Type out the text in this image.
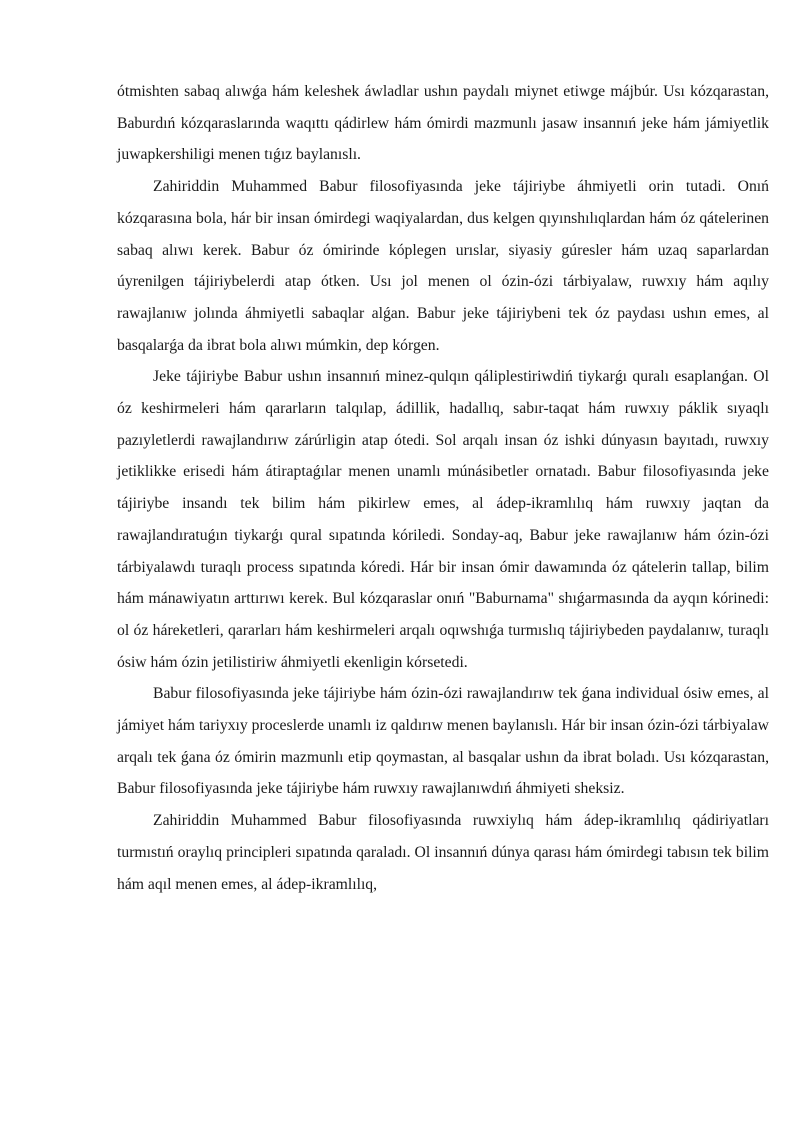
ótmishten sabaq alıwǵa hám keleshek áwladlar ushın paydalı miynet etiwge májbúr. Usı kózqarastan, Baburdıń kózqaraslarında waqıttı qádirlew hám ómirdi mazmunlı jasaw insannıń jeke hám jámiyetlik juwapkershiligi menen tıǵız baylanıslı.

Zahiriddin Muhammed Babur filosofiyasında jeke tájiriybe áhmiyetli orin tutadi. Onıń kózqarasına bola, hár bir insan ómirdegi waqiyalardan, dus kelgen qıyınshılıqlardan hám óz qátelerinen sabaq alıwı kerek. Babur óz ómirinde kóplegen urıslar, siyasiy gúresler hám uzaq saparlardan úyrenilgen tájiriybelerdi atap ótken. Usı jol menen ol ózin-ózi tárbiyalaw, ruwxıy hám aqılıy rawajlanıw jolında áhmiyetli sabaqlar alǵan. Babur jeke tájiriybeni tek óz paydası ushın emes, al basqalarǵa da ibrat bola alıwı múmkin, dep kórgen.

Jeke tájiriybe Babur ushın insannıń minez-qulqın qáliplestiriwdiń tiykarǵı quralı esaplanǵan. Ol óz keshirmeleri hám qararların talqılap, ádillik, hadallıq, sabır-taqat hám ruwxıy páklik sıyaqlı pazıyletlerdi rawajlandırıw zárúrligin atap ótedi. Sol arqalı insan óz ishki dúnyasın bayıtadı, ruwxıy jetiklikke erisedi hám átiraptaǵılar menen unamlı múnásibetler ornatadı. Babur filosofiyasında jeke tájiriybe insandı tek bilim hám pikirlew emes, al ádep-ikramlılıq hám ruwxıy jaqtan da rawajlandıratuǵın tiykarǵı qural sıpatında kóriledi. Sonday-aq, Babur jeke rawajlanıw hám ózin-ózi tárbiyalawdı turaqlı process sıpatında kóredi. Hár bir insan ómir dawamında óz qátelerin tallap, bilim hám mánawiyatın arttırıwı kerek. Bul kózqaraslar onıń "Baburnama" shıǵarmasında da ayqın kórinedi: ol óz háreketleri, qararları hám keshirmeleri arqalı oqıwshıǵa turmıslıq tájiriybeden paydalanıw, turaqlı ósiw hám ózin jetilistiriw áhmiyetli ekenligin kórsetedi.

Babur filosofiyasında jeke tájiriybe hám ózin-ózi rawajlandırıw tek ǵana individual ósiw emes, al jámiyet hám tariyxıy proceslerde unamlı iz qaldırıw menen baylanıslı. Hár bir insan ózin-ózi tárbiyalaw arqalı tek ǵana óz ómirin mazmunlı etip qoymastan, al basqalar ushın da ibrat boladı. Usı kózqarastan, Babur filosofiyasında jeke tájiriybe hám ruwxıy rawajlanıwdıń áhmiyeti sheksiz.

Zahiriddin Muhammed Babur filosofiyasında ruwxiylıq hám ádep-ikramlılıq qádiriyatları turmıstıń oraylıq principleri sıpatında qaraladı. Ol insannıń dúnya qarası hám ómirdegi tabısın tek bilim hám aqıl menen emes, al ádep-ikramlılıq,
